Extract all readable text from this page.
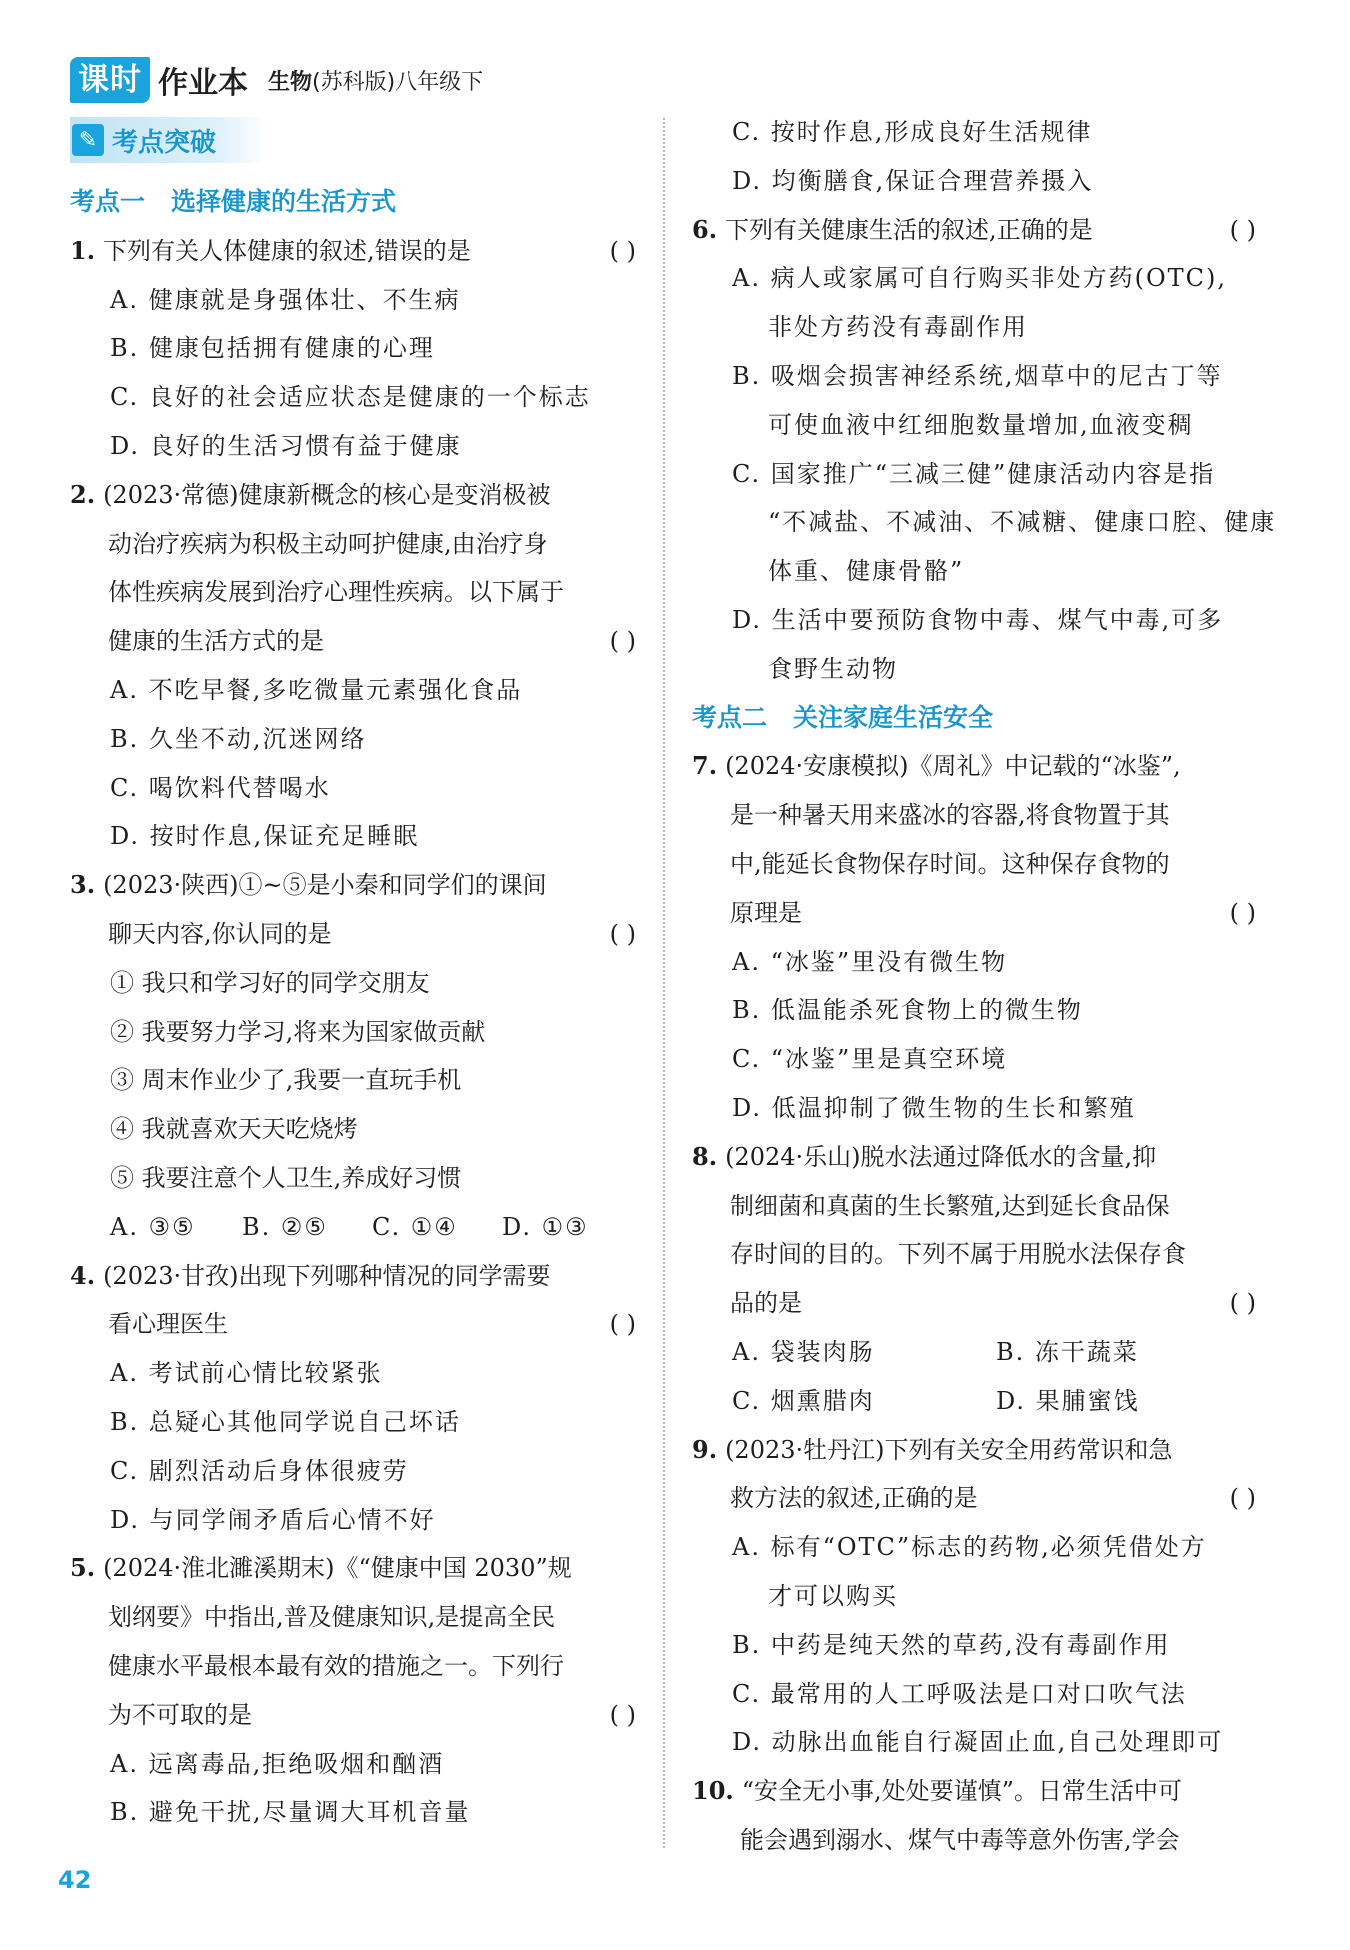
课时 作业本 生物 (苏科版)八年级下
✎ 考点突破
考点一 选择健康的生活方式
1. 下列有关人体健康的叙述,错误的是	( )
A. 健康就是身强体壮、不生病
B. 健康包括拥有健康的心理
C. 良好的社会适应状态是健康的一个标志
D. 良好的生活习惯有益于健康
2. (2023·常德)健康新概念的核心是变消极被
动治疗疾病为积极主动呵护健康,由治疗身
体性疾病发展到治疗心理性疾病。以下属于
健康的生活方式的是	( )
A. 不吃早餐,多吃微量元素强化食品
B. 久坐不动,沉迷网络
C. 喝饮料代替喝水
D. 按时作息,保证充足睡眠
3. (2023·陕西)①~⑤是小秦和同学们的课间
聊天内容,你认同的是	( )
① 我只和学习好的同学交朋友
② 我要努力学习,将来为国家做贡献
③ 周末作业少了,我要一直玩手机
④ 我就喜欢天天吃烧烤
⑤ 我要注意个人卫生,养成好习惯
A. ③⑤ B. ②⑤ C. ①④ D. ①③
4. (2023·甘孜)出现下列哪种情况的同学需要
看心理医生	( )
A. 考试前心情比较紧张
B. 总疑心其他同学说自己坏话
C. 剧烈活动后身体很疲劳
D. 与同学闹矛盾后心情不好
5. (2024·淮北濉溪期末)《“健康中国 2030”规
划纲要》中指出,普及健康知识,是提高全民
健康水平最根本最有效的措施之一。下列行
为不可取的是	( )
A. 远离毒品,拒绝吸烟和酗酒
B. 避免干扰,尽量调大耳机音量
C. 按时作息,形成良好生活规律
D. 均衡膳食,保证合理营养摄入
6. 下列有关健康生活的叙述,正确的是	( )
A. 病人或家属可自行购买非处方药(OTC),
非处方药没有毒副作用
B. 吸烟会损害神经系统,烟草中的尼古丁等
可使血液中红细胞数量增加,血液变稠
C. 国家推广“三减三健”健康活动内容是指
“不减盐、不减油、不减糖、健康口腔、健康
体重、健康骨骼”
D. 生活中要预防食物中毒、煤气中毒,可多
食野生动物
考点二 关注家庭生活安全
7. (2024·安康模拟)《周礼》中记载的“冰鉴”,
是一种暑天用来盛冰的容器,将食物置于其
中,能延长食物保存时间。这种保存食物的
原理是	( )
A. “冰鉴”里没有微生物
B. 低温能杀死食物上的微生物
C. “冰鉴”里是真空环境
D. 低温抑制了微生物的生长和繁殖
8. (2024·乐山)脱水法通过降低水的含量,抑
制细菌和真菌的生长繁殖,达到延长食品保
存时间的目的。下列不属于用脱水法保存食
品的是	( )
A. 袋装肉肠	B. 冻干蔬菜
C. 烟熏腊肉	D. 果脯蜜饯
9. (2023·牡丹江)下列有关安全用药常识和急
救方法的叙述,正确的是	( )
A. 标有“OTC”标志的药物,必须凭借处方
才可以购买
B. 中药是纯天然的草药,没有毒副作用
C. 最常用的人工呼吸法是口对口吹气法
D. 动脉出血能自行凝固止血,自己处理即可
10. “安全无小事,处处要谨慎”。日常生活中可
能会遇到溺水、煤气中毒等意外伤害,学会
42
